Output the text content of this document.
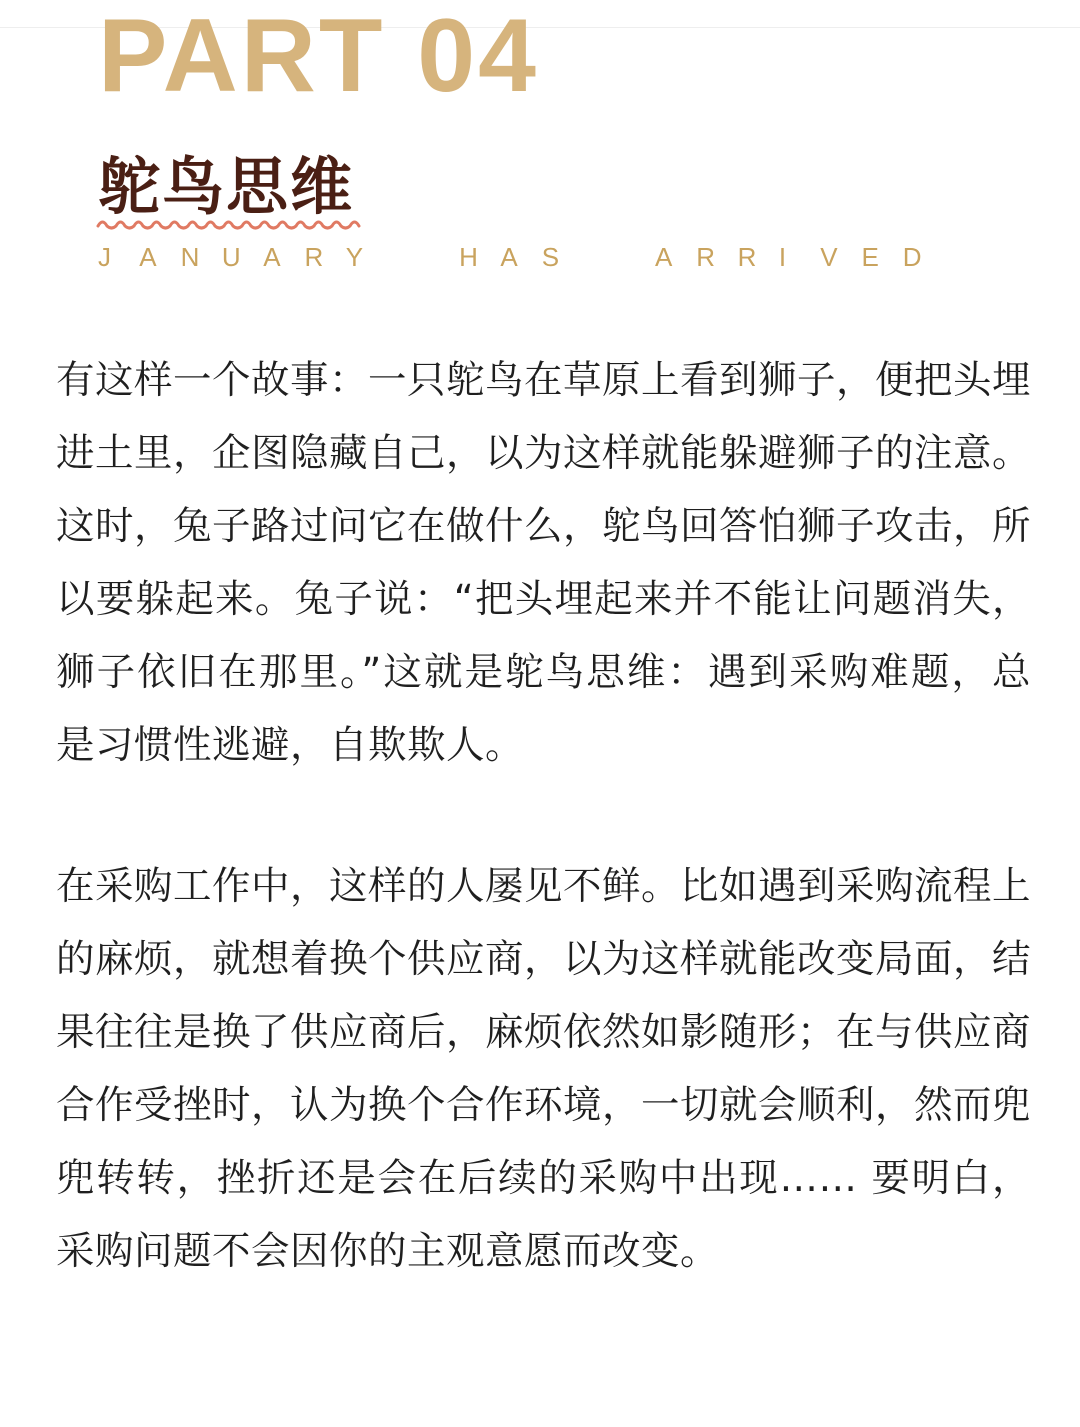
PART 04
鸵鸟思维
J A N U A R Y	H A S	A R R I V E D
有这样一个故事：一只鸵鸟在草原上看到狮子，便把头埋进土里，企图隐藏自己，以为这样就能躲避狮子的注意。这时，兔子路过问它在做什么，鸵鸟回答怕狮子攻击，所以要躲起来。兔子说：“把头埋起来并不能让问题消失，狮子依旧在那里。”这就是鸵鸟思维：遇到采购难题，总是习惯性逃避，自欺欺人。
在采购工作中，这样的人屡见不鲜。比如遇到采购流程上的麻烦，就想着换个供应商，以为这样就能改变局面，结果往往是换了供应商后，麻烦依然如影随形；在与供应商合作受挫时，认为换个合作环境，一切就会顺利，然而兜兜转转，挫折还是会在后续的采购中出现…… 要明白，采购问题不会因你的主观意愿而改变。
